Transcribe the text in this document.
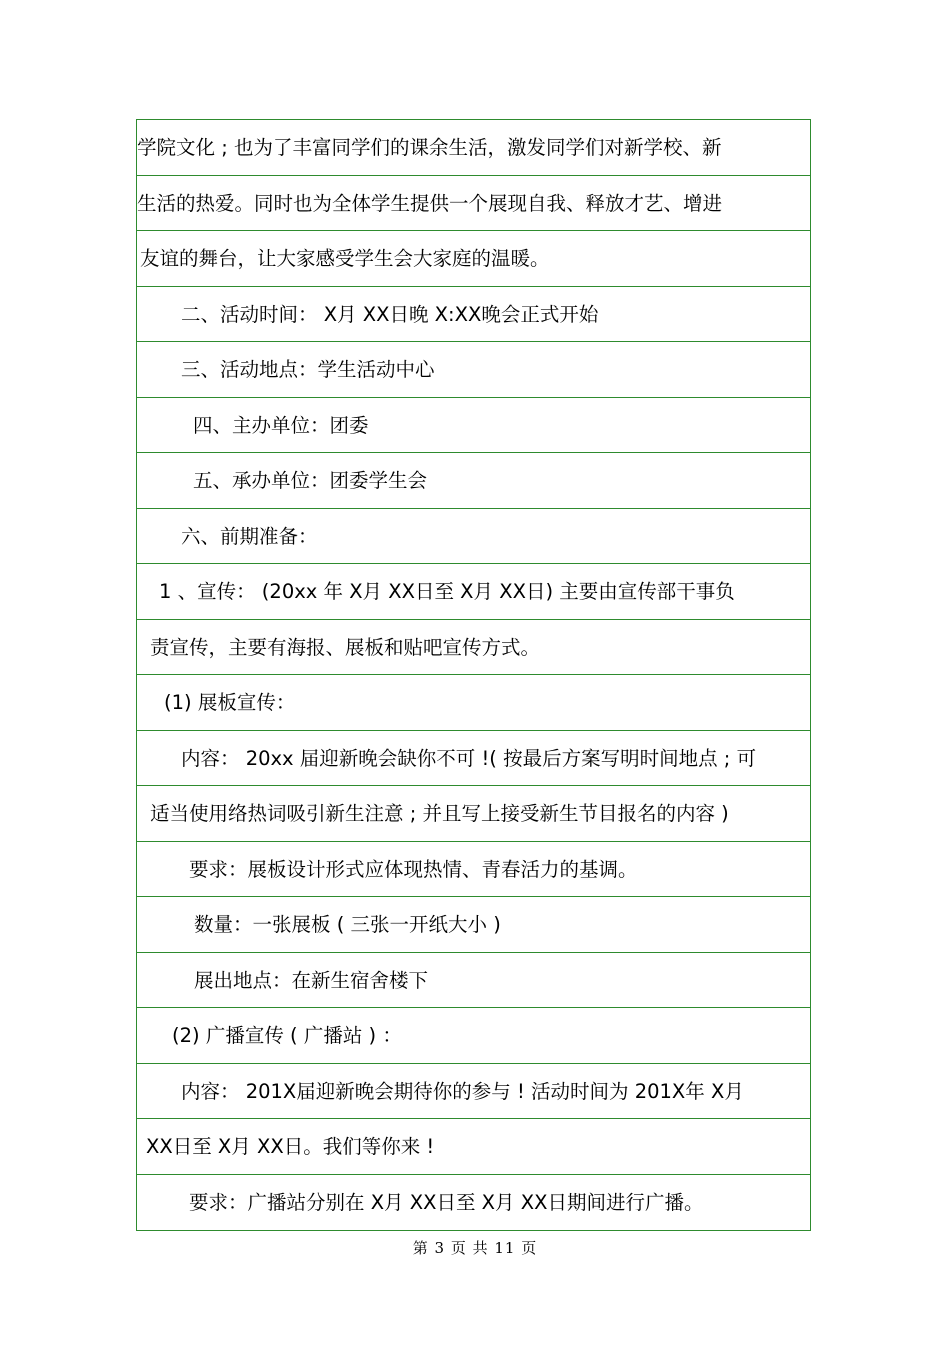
学院文化 ; 也为了丰富同学们的课余生活，激发同学们对新学校、新
生活的热爱。同时也为全体学生提供一个展现自我、释放才艺、增进
友谊的舞台，让大家感受学生会大家庭的温暖。
二、活动时间： X月 XX日晚 X:XX晚会正式开始
三、活动地点：学生活动中心
四、主办单位：团委
五、承办单位：团委学生会
六、前期准备：
1 、宣传： (20xx 年 X月 XX日至 X月 XX日) 主要由宣传部干事负
责宣传，主要有海报、展板和贴吧宣传方式。
(1) 展板宣传：
内容： 20xx 届迎新晚会缺你不可 !( 按最后方案写明时间地点 ; 可
适当使用络热词吸引新生注意 ; 并且写上接受新生节目报名的内容 )
要求：展板设计形式应体现热情、青春活力的基调。
数量：一张展板 ( 三张一开纸大小 )
展出地点：在新生宿舍楼下
(2) 广播宣传 ( 广播站 ) ：
内容： 201X届迎新晚会期待你的参与 ! 活动时间为 201X年 X月
XX日至 X月 XX日。我们等你来 !
要求：广播站分别在 X月 XX日至 X月 XX日期间进行广播。
第 3 页 共 11 页
